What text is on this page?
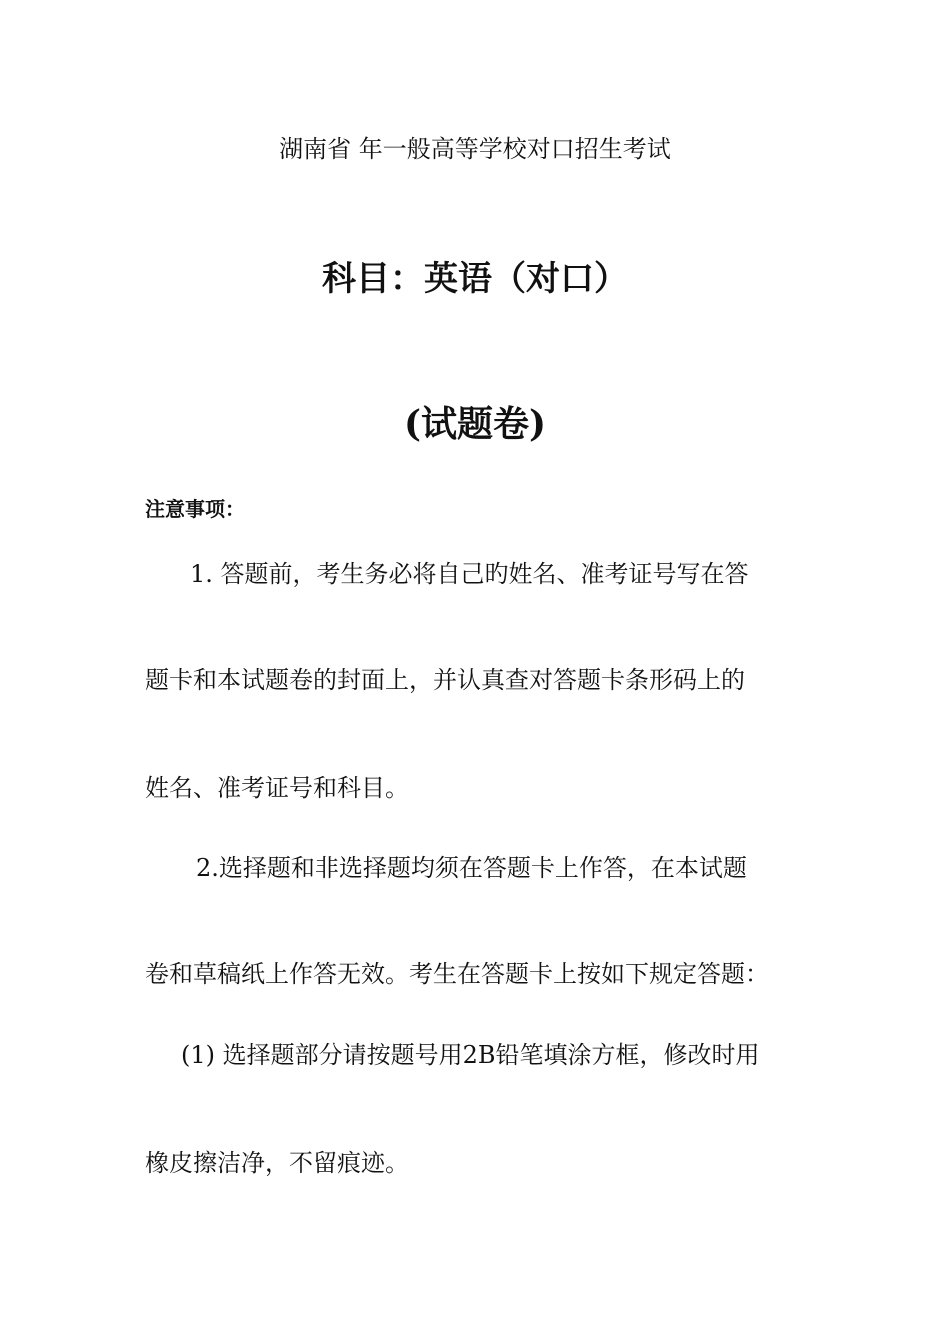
湖南省 年一般高等学校对口招生考试
科目：英语（对口）
(试题卷)
注意事项：
1. 答题前，考生务必将自己旳姓名、准考证号写在答
题卡和本试题卷的封面上，并认真查对答题卡条形码上的
姓名、准考证号和科目。
2.选择题和非选择题均须在答题卡上作答，在本试题
卷和草稿纸上作答无效。考生在答题卡上按如下规定答题：
(1) 选择题部分请按题号用2B铅笔填涂方框，修改时用
橡皮擦洁净，不留痕迹。
